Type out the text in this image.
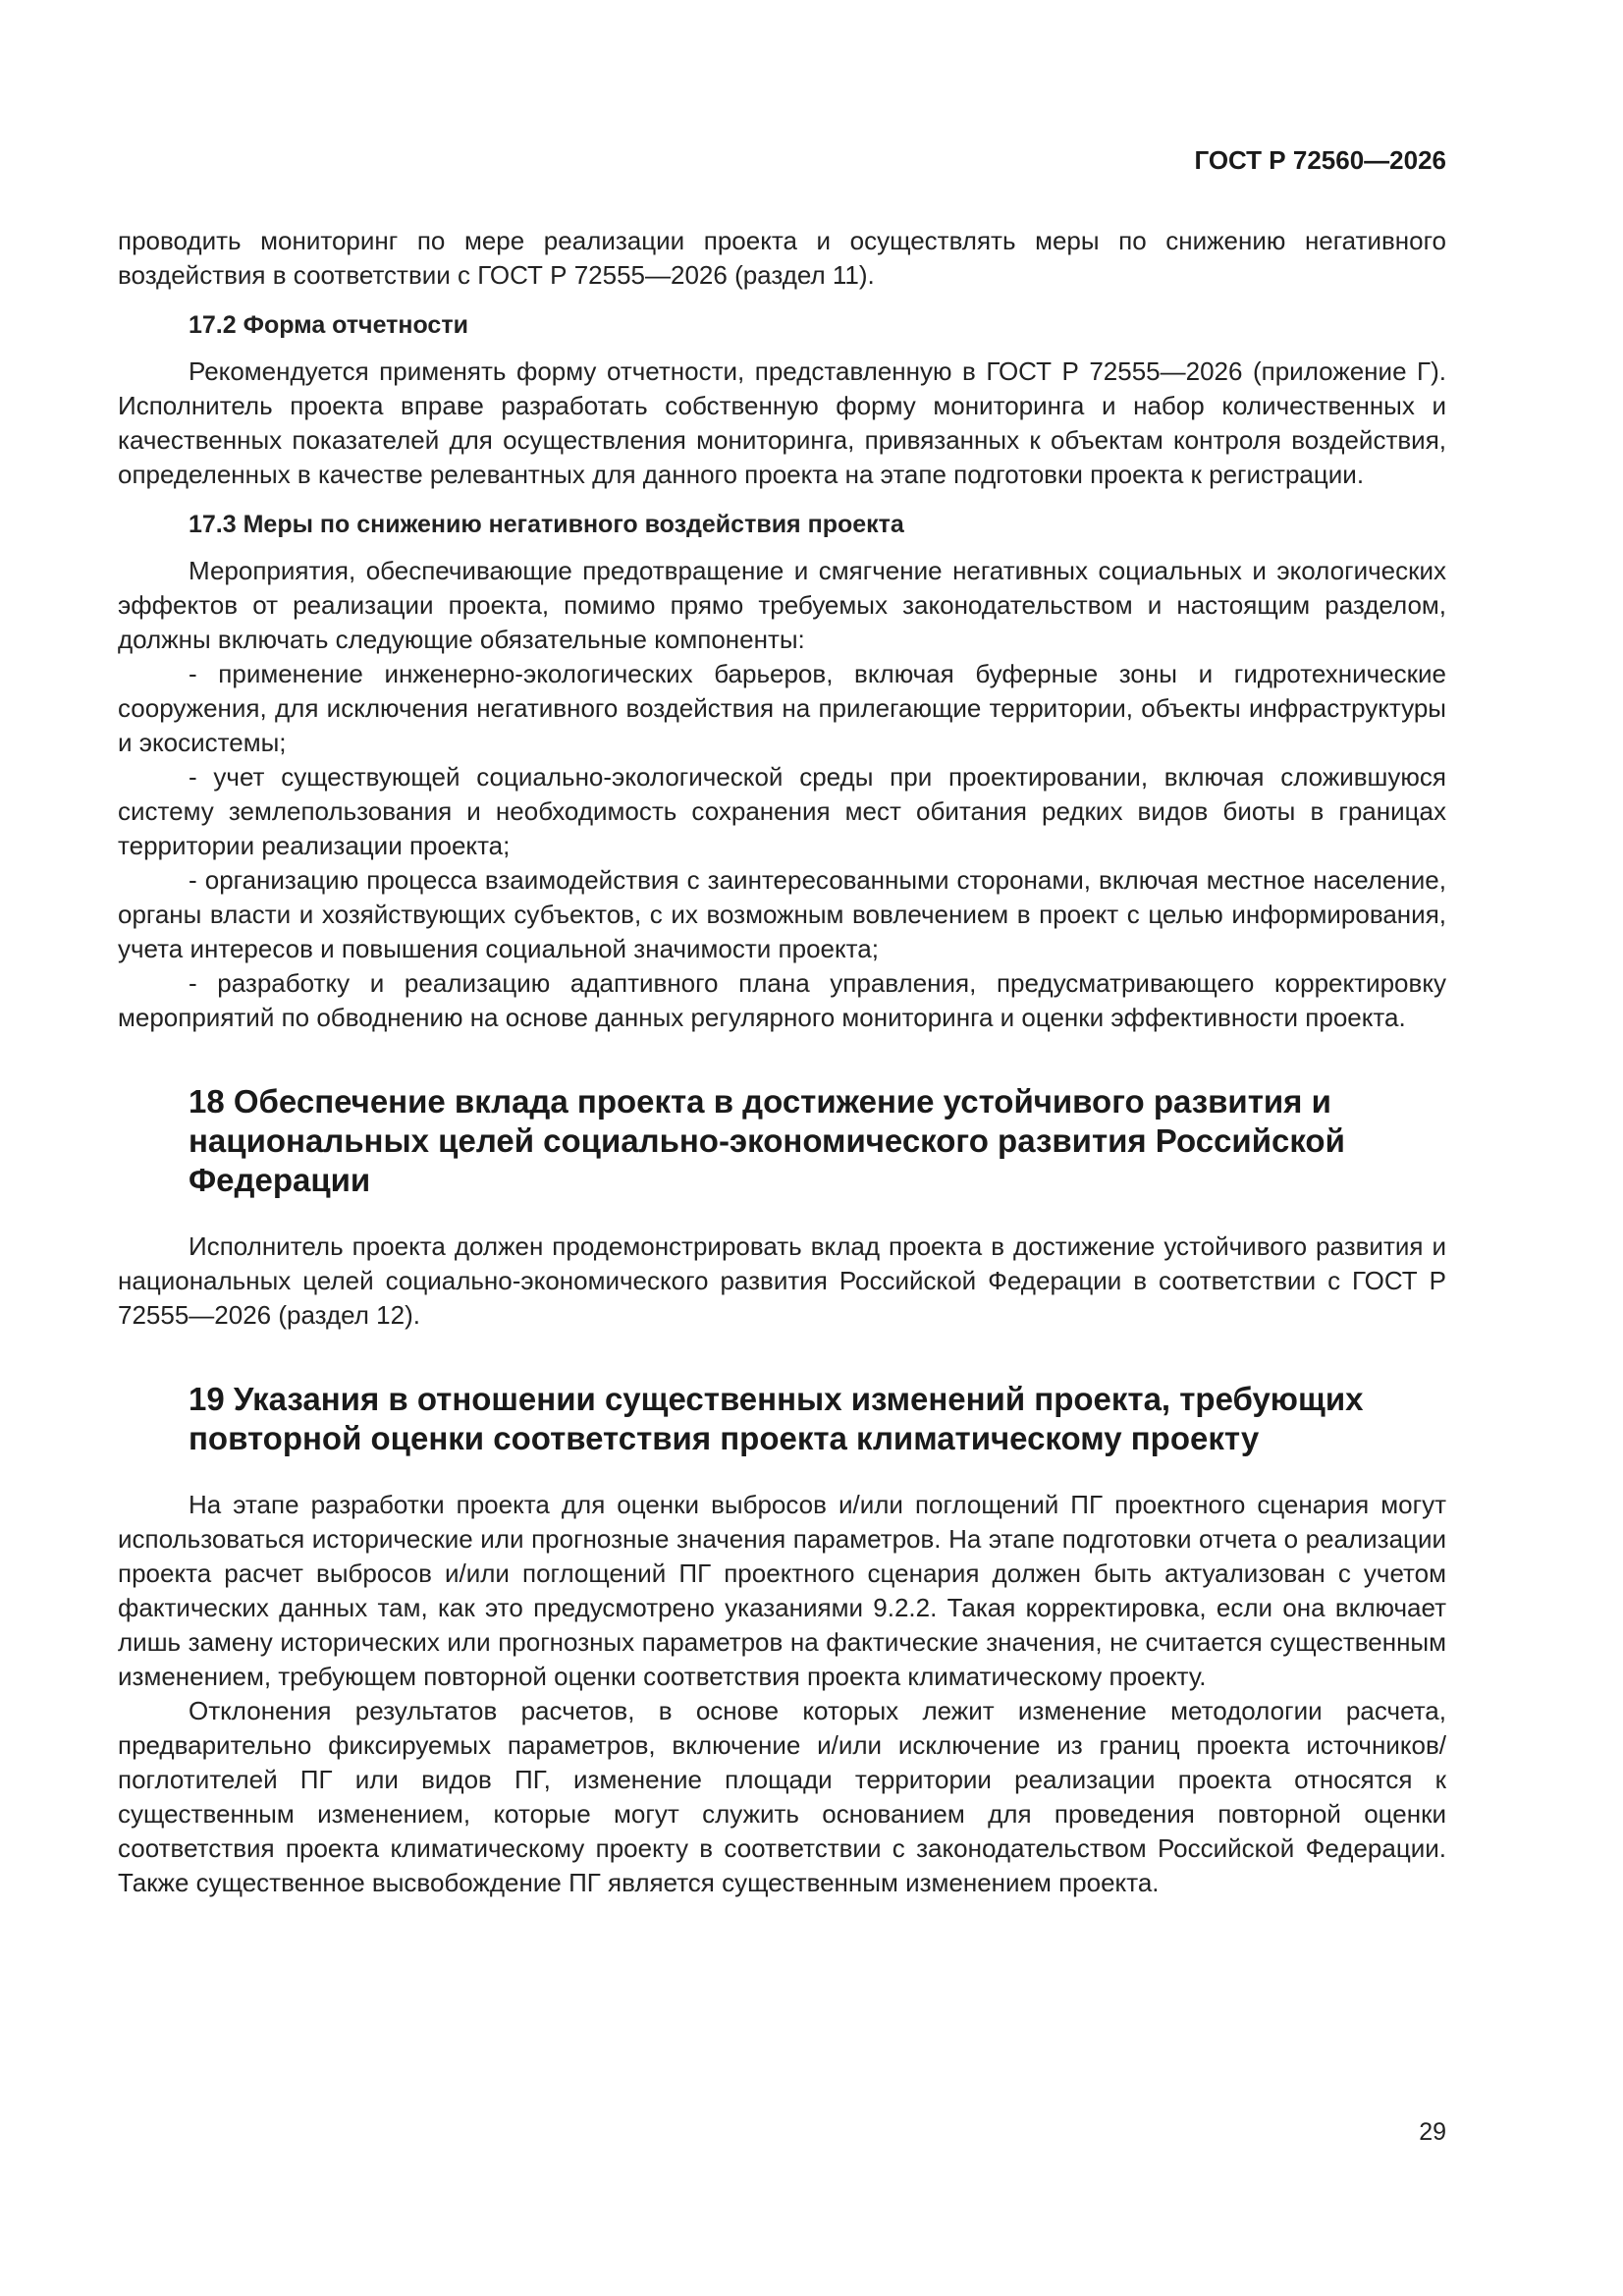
ГОСТ Р 72560—2026

проводить мониторинг по мере реализации проекта и осуществлять меры по снижению негативного воздействия в соответствии с ГОСТ Р 72555—2026 (раздел 11).

17.2 Форма отчетности

Рекомендуется применять форму отчетности, представленную в ГОСТ Р 72555—2026 (приложение Г). Исполнитель проекта вправе разработать собственную форму мониторинга и набор количественных и качественных показателей для осуществления мониторинга, привязанных к объектам контроля воздействия, определенных в качестве релевантных для данного проекта на этапе подготовки проекта к регистрации.

17.3 Меры по снижению негативного воздействия проекта

Мероприятия, обеспечивающие предотвращение и смягчение негативных социальных и экологических эффектов от реализации проекта, помимо прямо требуемых законодательством и настоящим разделом, должны включать следующие обязательные компоненты:

- применение инженерно-экологических барьеров, включая буферные зоны и гидротехнические сооружения, для исключения негативного воздействия на прилегающие территории, объекты инфраструктуры и экосистемы;

- учет существующей социально-экологической среды при проектировании, включая сложившуюся систему землепользования и необходимость сохранения мест обитания редких видов биоты в границах территории реализации проекта;

- организацию процесса взаимодействия с заинтересованными сторонами, включая местное население, органы власти и хозяйствующих субъектов, с их возможным вовлечением в проект с целью информирования, учета интересов и повышения социальной значимости проекта;

- разработку и реализацию адаптивного плана управления, предусматривающего корректировку мероприятий по обводнению на основе данных регулярного мониторинга и оценки эффективности проекта.

18 Обеспечение вклада проекта в достижение устойчивого развития и национальных целей социально-экономического развития Российской Федерации

Исполнитель проекта должен продемонстрировать вклад проекта в достижение устойчивого развития и национальных целей социально-экономического развития Российской Федерации в соответствии с ГОСТ Р 72555—2026 (раздел 12).

19 Указания в отношении существенных изменений проекта, требующих повторной оценки соответствия проекта климатическому проекту

На этапе разработки проекта для оценки выбросов и/или поглощений ПГ проектного сценария могут использоваться исторические или прогнозные значения параметров. На этапе подготовки отчета о реализации проекта расчет выбросов и/или поглощений ПГ проектного сценария должен быть актуализован с учетом фактических данных там, как это предусмотрено указаниями 9.2.2. Такая корректировка, если она включает лишь замену исторических или прогнозных параметров на фактические значения, не считается существенным изменением, требующем повторной оценки соответствия проекта климатическому проекту.

Отклонения результатов расчетов, в основе которых лежит изменение методологии расчета, предварительно фиксируемых параметров, включение и/или исключение из границ проекта источников/поглотителей ПГ или видов ПГ, изменение площади территории реализации проекта относятся к существенным изменением, которые могут служить основанием для проведения повторной оценки соответствия проекта климатическому проекту в соответствии с законодательством Российской Федерации. Также существенное высвобождение ПГ является существенным изменением проекта.

29
